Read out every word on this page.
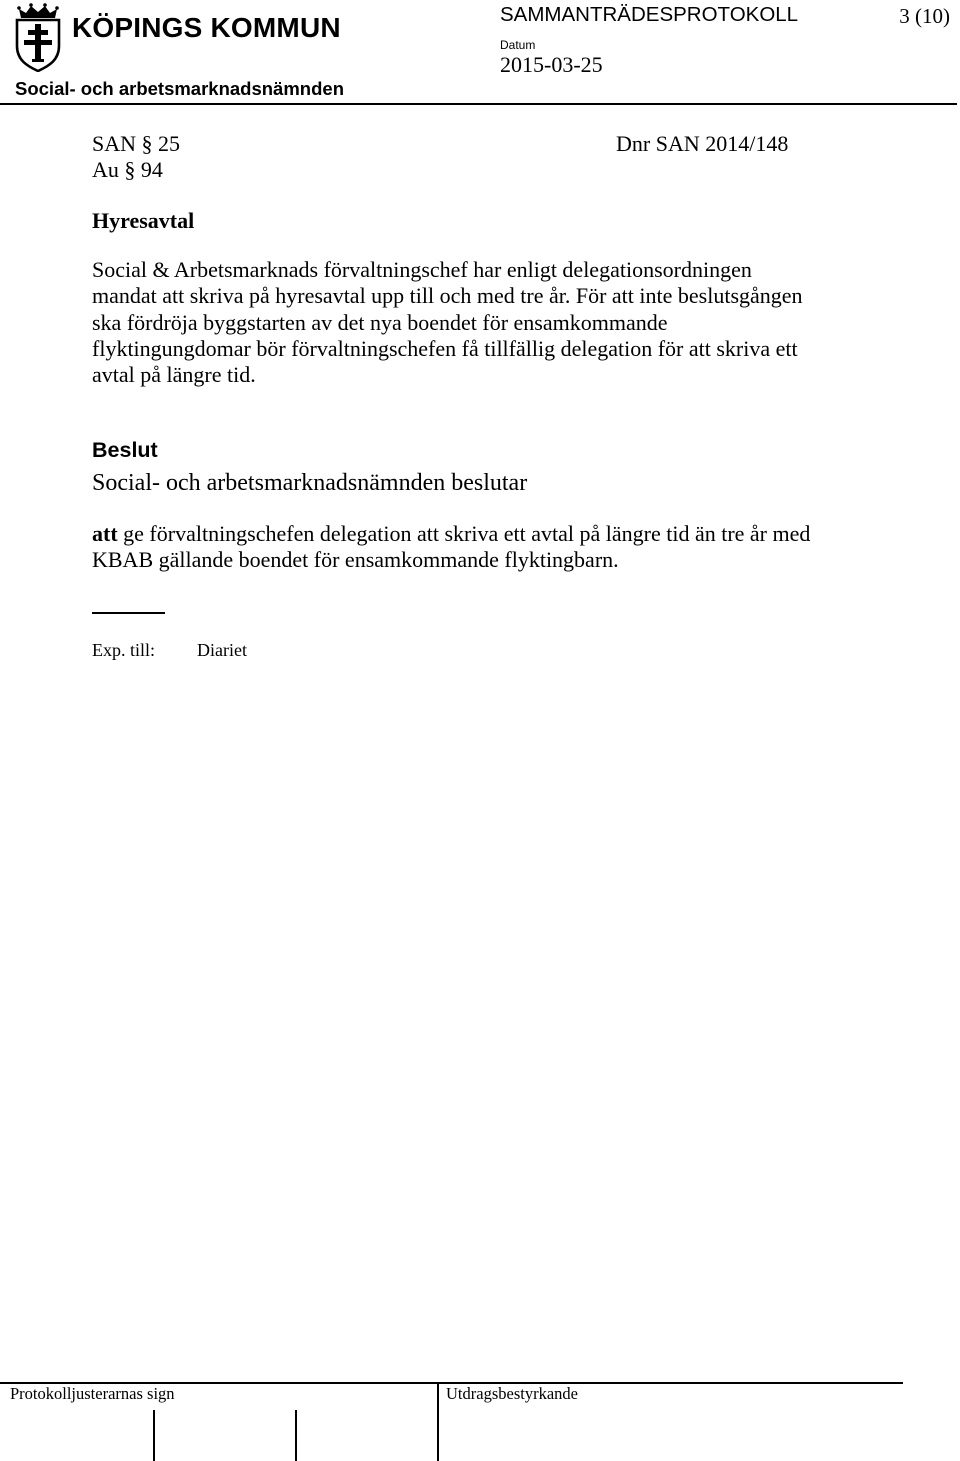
KÖPINGS KOMMUN
Social- och arbetsmarknadsnämnden
SAMMANTRÄDESPROTOKOLL	3 (10)
Datum
2015-03-25
SAN § 25
Au § 94
Dnr SAN 2014/148
Hyresavtal
Social & Arbetsmarknads förvaltningschef har enligt delegationsordningen
mandat att skriva på hyresavtal upp till och med tre år. För att inte beslutsgången
ska fördröja byggstarten av det nya boendet för ensamkommande
flyktingungdomar bör förvaltningschefen få tillfällig delegation för att skriva ett
avtal på längre tid.
Beslut
Social- och arbetsmarknadsnämnden beslutar
att ge förvaltningschefen delegation att skriva ett avtal på längre tid än tre år med
KBAB gällande boendet för ensamkommande flyktingbarn.
Exp. till: Diariet
Protokolljusterarnas sign	Utdragsbestyrkande
